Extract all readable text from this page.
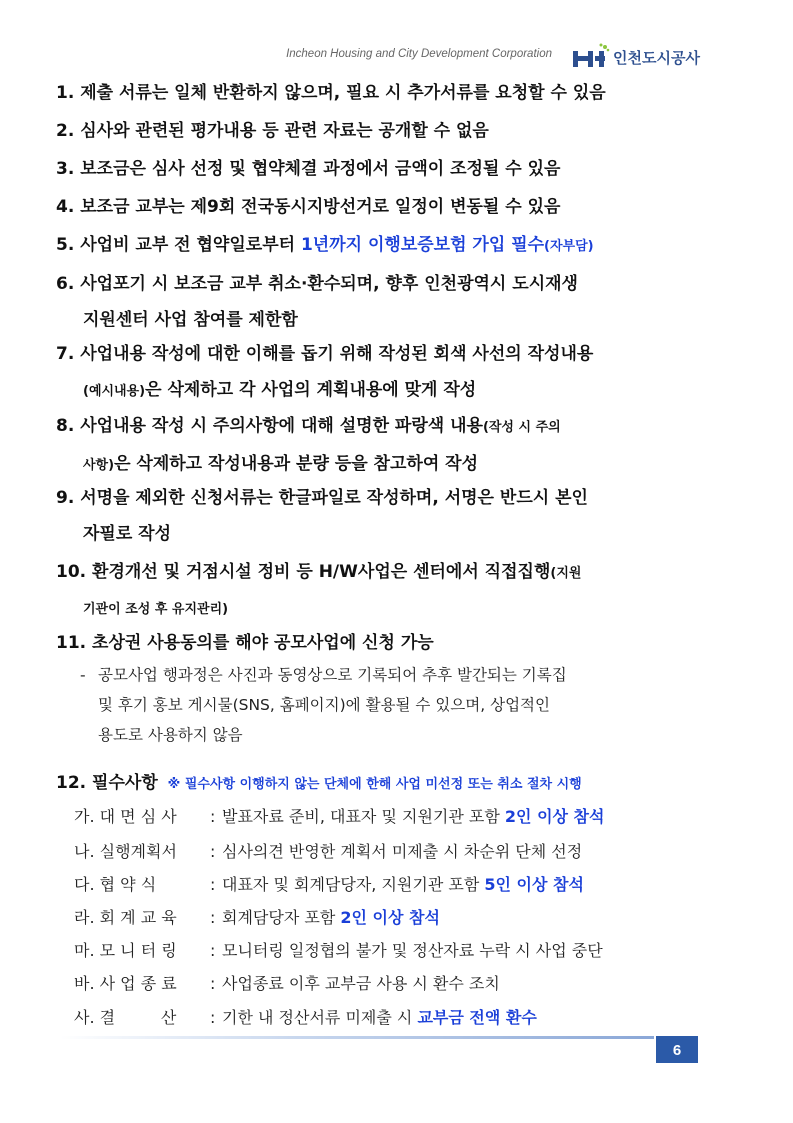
Incheon Housing and City Development Corporation	인천도시공사
1. 제출 서류는 일체 반환하지 않으며, 필요 시 추가서류를 요청할 수 있음
2. 심사와 관련된 평가내용 등 관련 자료는 공개할 수 없음
3. 보조금은 심사 선정 및 협약체결 과정에서 금액이 조정될 수 있음
4. 보조금 교부는 제9회 전국동시지방선거로 일정이 변동될 수 있음
5. 사업비 교부 전 협약일로부터 1년까지 이행보증보험 가입 필수(자부담)
6. 사업포기 시 보조금 교부 취소·환수되며, 향후 인천광역시 도시재생
지원센터 사업 참여를 제한함
7. 사업내용 작성에 대한 이해를 돕기 위해 작성된 회색 사선의 작성내용
(예시내용)은 삭제하고 각 사업의 계획내용에 맞게 작성
8. 사업내용 작성 시 주의사항에 대해 설명한 파랑색 내용(작성 시 주의
사항)은 삭제하고 작성내용과 분량 등을 참고하여 작성
9. 서명을 제외한 신청서류는 한글파일로 작성하며, 서명은 반드시 본인
자필로 작성
10. 환경개선 및 거점시설 정비 등 H/W사업은 센터에서 직접집행(지원
기관이 조성 후 유지관리)
11. 초상권 사용동의를 해야 공모사업에 신청 가능
- 공모사업 행과정은 사진과 동영상으로 기록되어 추후 발간되는 기록집
및 후기 홍보 게시물(SNS, 홈페이지)에 활용될 수 있으며, 상업적인
용도로 사용하지 않음
12. 필수사항 ※ 필수사항 이행하지 않는 단체에 한해 사업 미선정 또는 취소 절차 시행
가. 대 면 심 사 : 발표자료 준비, 대표자 및 지원기관 포함 2인 이상 참석
나. 실행계획서 : 심사의견 반영한 계획서 미제출 시 차순위 단체 선정
다. 협 약 식	: 대표자 및 회계담당자, 지원기관 포함 5인 이상 참석
라. 회 계 교 육 : 회계담당자 포함 2인 이상 참석
마. 모 니 터 링 : 모니터링 일정협의 불가 및 정산자료 누락 시 사업 중단
바. 사 업 종 료 : 사업종료 이후 교부금 사용 시 환수 조치
사. 결         산 : 기한 내 정산서류 미제출 시 교부금 전액 환수
6
